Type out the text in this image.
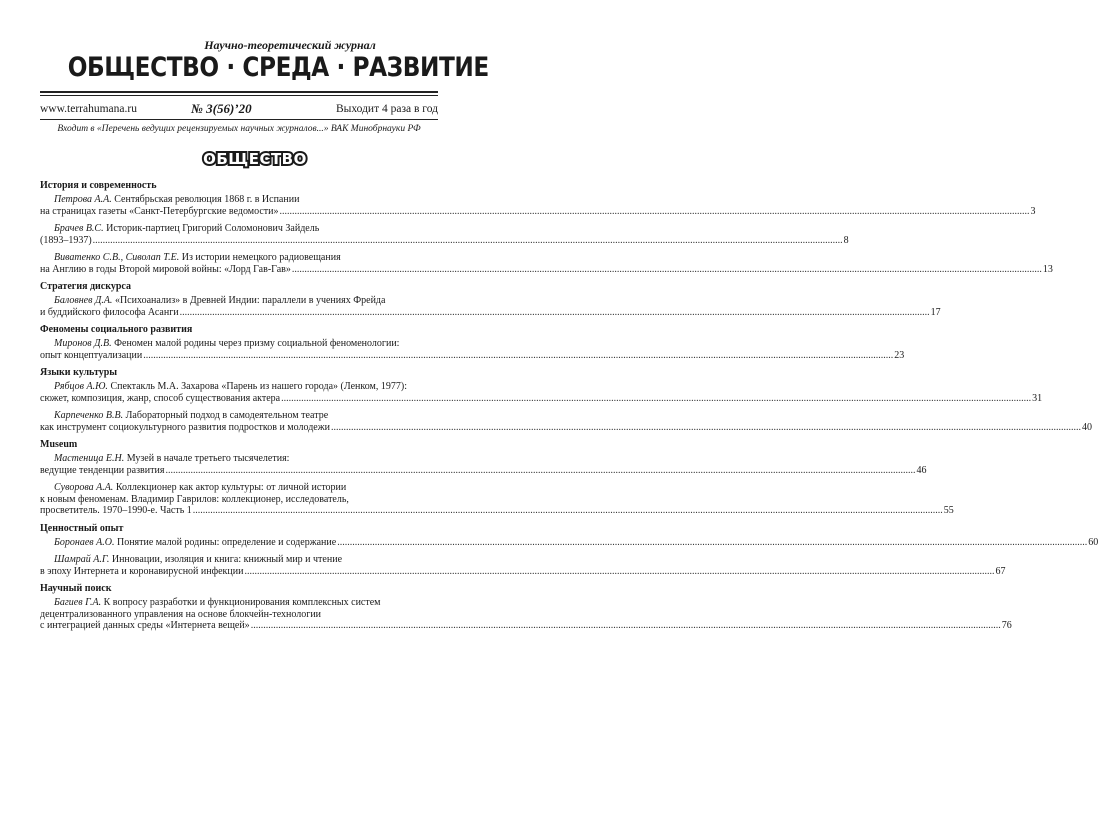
Научно-теоретический журнал
ОБЩЕСТВО · СРЕДА · РАЗВИТИЕ
www.terrahumana.ru	№ 3(56)’20	Выходит 4 раза в год
Входит в «Перечень ведущих рецензируемых научных журналов...» ВАК Минобрнауки РФ
ОБЩЕСТВО
История и современность
Петрова А.А. Сентябрьская революция 1868 г. в Испании
на страницах газеты «Санкт-Петербургские ведомости» ............................................................................................................................................................................................................................................................................................................ 3
Брачев В.С. Историк-партиец Григорий Соломонович Зайдель
(1893–1937) ............................................................................................................................................................................................................................................................................................................ 8
Виватенко С.В., Сиволап Т.Е. Из истории немецкого радиовещания
на Англию в годы Второй мировой войны: «Лорд Гав-Гав» ............................................................................................................................................................................................................................................................................................................ 13
Стратегия дискурса
Баловнев Д.А. «Психоанализ» в Древней Индии: параллели в учениях Фрейда
и буддийского философа Асанги ............................................................................................................................................................................................................................................................................................................ 17
Феномены социального развития
Миронов Д.В. Феномен малой родины через призму социальной феноменологии:
опыт концептуализации ............................................................................................................................................................................................................................................................................................................ 23
Языки культуры
Рябцов А.Ю. Спектакль М.А. Захарова «Парень из нашего города» (Ленком, 1977):
сюжет, композиция, жанр, способ существования актера ............................................................................................................................................................................................................................................................................................................ 31
Карпеченко В.В. Лабораторный подход в самодеятельном театре
как инструмент социокультурного развития подростков и молодежи ............................................................................................................................................................................................................................................................................................................ 40
Museum
Мастеница Е.Н. Музей в начале третьего тысячелетия:
ведущие тенденции развития ............................................................................................................................................................................................................................................................................................................ 46
Суворова А.А. Коллекционер как актор культуры: от личной истории
к новым феноменам. Владимир Гаврилов: коллекционер, исследователь,
просветитель. 1970–1990-е. Часть 1 ............................................................................................................................................................................................................................................................................................................ 55
Ценностный опыт
Боронаев А.О. Понятие малой родины: определение и содержание ............................................................................................................................................................................................................................................................................................................ 60
Шамрай А.Г. Инновации, изоляция и книга: книжный мир и чтение
в эпоху Интернета и коронавирусной инфекции ............................................................................................................................................................................................................................................................................................................ 67
Научный поиск
Багиев Г.А. К вопросу разработки и функционирования комплексных систем
децентрализованного управления на основе блокчейн-технологии
с интеграцией данных среды «Интернета вещей» ............................................................................................................................................................................................................................................................................................................ 76
